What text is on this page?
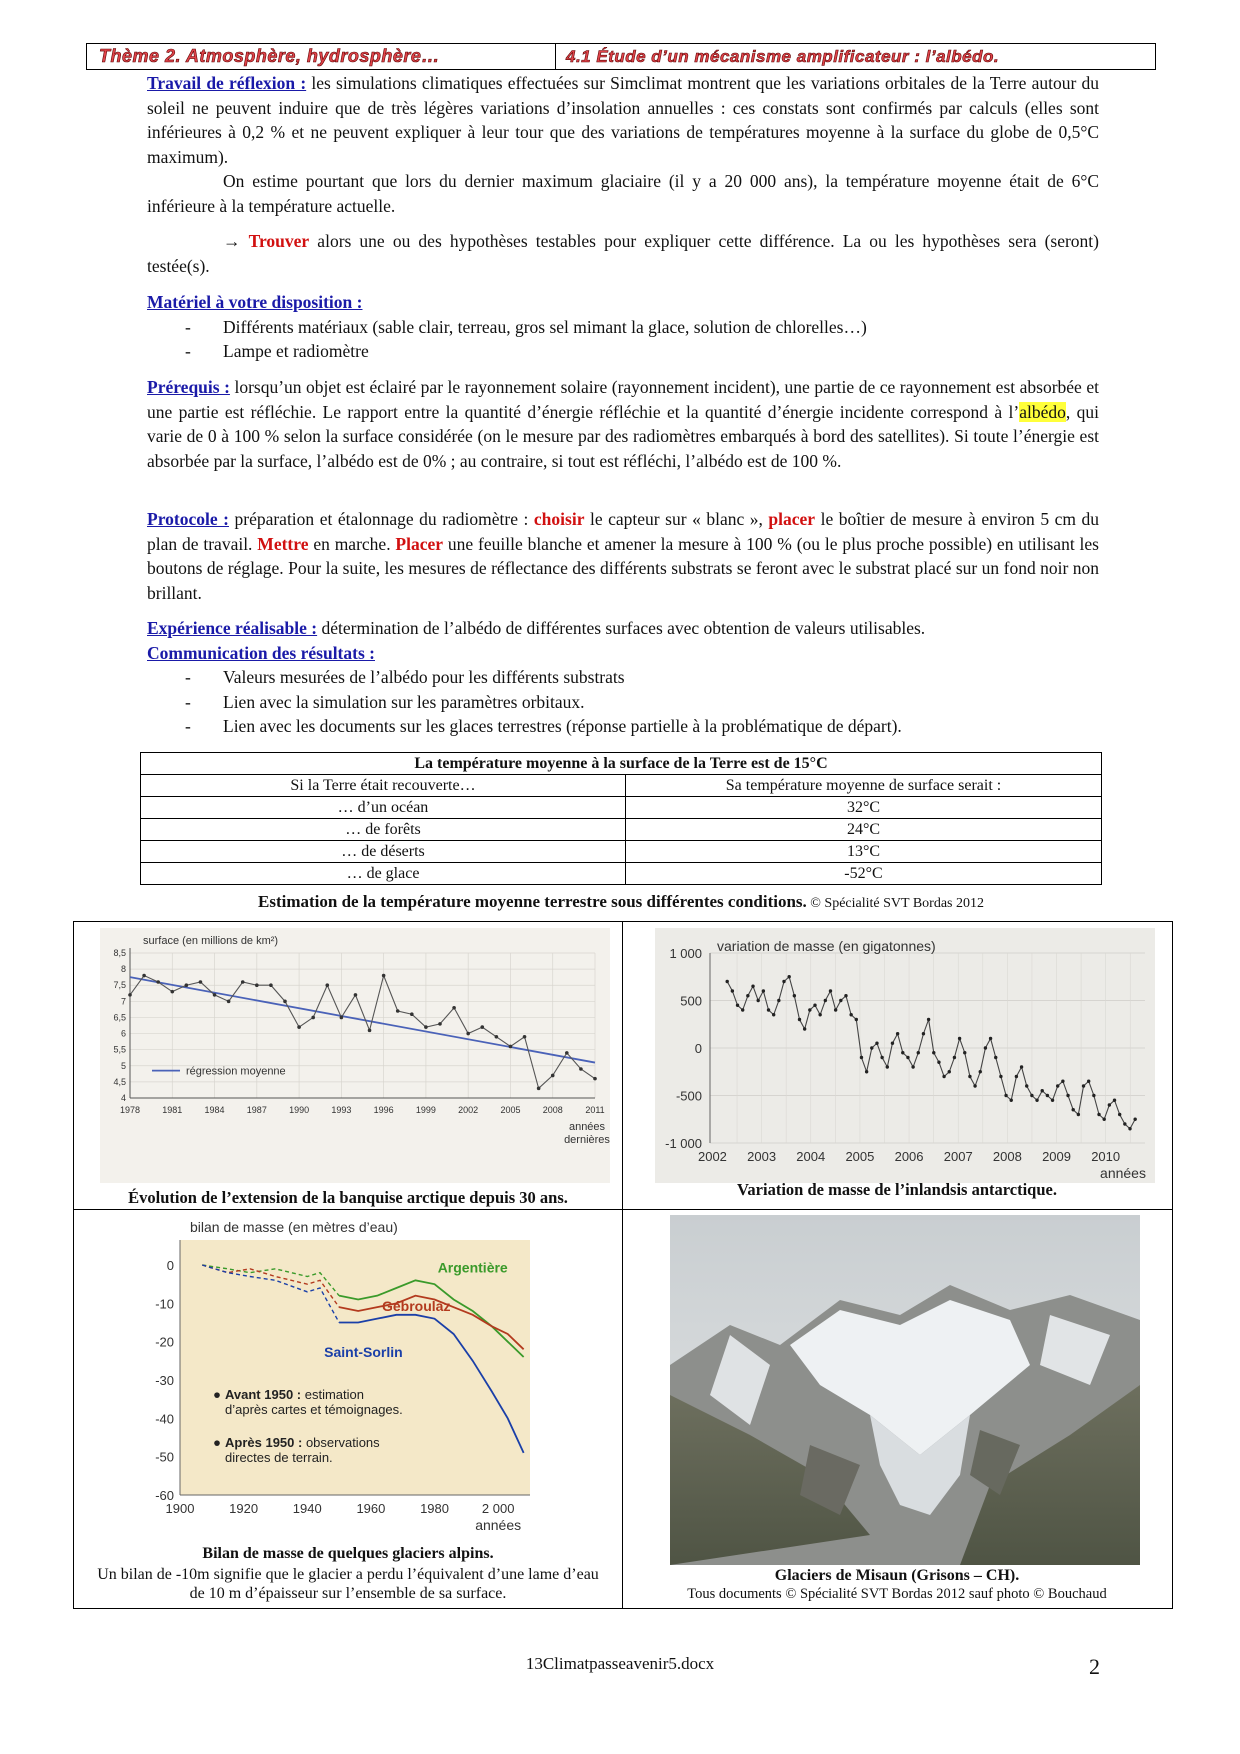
Thème 2. Atmosphère, hydrosphère…	4.1 Étude d’un mécanisme amplificateur : l’albédo.

Travail de réflexion : les simulations climatiques effectuées sur Simclimat montrent que les variations orbitales de la Terre autour du soleil ne peuvent induire que de très légères variations d’insolation annuelles : ces constats sont confirmés par calculs (elles sont inférieures à 0,2 % et ne peuvent expliquer à leur tour que des variations de températures moyenne à la surface du globe de 0,5°C maximum).

On estime pourtant que lors du dernier maximum glaciaire (il y a 20 000 ans), la température moyenne était de 6°C inférieure à la température actuelle.

→ Trouver alors une ou des hypothèses testables pour expliquer cette différence. La ou les hypothèses sera (seront) testée(s).

Matériel à votre disposition :

- Différents matériaux (sable clair, terreau, gros sel mimant la glace, solution de chlorelles…)
- Lampe et radiomètre

Prérequis : lorsqu’un objet est éclairé par le rayonnement solaire (rayonnement incident), une partie de ce rayonnement est absorbée et une partie est réfléchie. Le rapport entre la quantité d’énergie réfléchie et la quantité d’énergie incidente correspond à l’albédo, qui varie de 0 à 100 % selon la surface considérée (on le mesure par des radiomètres embarqués à bord des satellites). Si toute l’énergie est absorbée par la surface, l’albédo est de 0% ; au contraire, si tout est réfléchi, l’albédo est de 100 %.

Protocole : préparation et étalonnage du radiomètre : choisir le capteur sur « blanc », placer le boîtier de mesure à environ 5 cm du plan de travail. Mettre en marche. Placer une feuille blanche et amener la mesure à 100 % (ou le plus proche possible) en utilisant les boutons de réglage. Pour la suite, les mesures de réflectance des différents substrats se feront avec le substrat placé sur un fond noir non brillant.

Expérience réalisable : détermination de l’albédo de différentes surfaces avec obtention de valeurs utilisables.

Communication des résultats :

- Valeurs mesurées de l’albédo pour les différents substrats
- Lien avec la simulation sur les paramètres orbitaux.
- Lien avec les documents sur les glaces terrestres (réponse partielle à la problématique de départ).
La température moyenne à la surface de la Terre est de 15°C	
Si la Terre était recouverte…	Sa température moyenne de surface serait :
… d’un océan	32°C
… de forêts	24°C
… de déserts	13°C
… de glace	-52°C
Estimation de la température moyenne terrestre sous différentes conditions. © Spécialité SVT Bordas 2012
8,5
8
7,5
7
6,5
6
5,5
5
4,5
4
1978 1981 1984 1987 1990 1993 1996 1999 2002 2005 2008	2011
surface (en millions de km²)
années
dernières
régression moyenne
Évolution de l’extension de la banquise arctique depuis 30 ans.
1 000
500
0
-500
-1 000
2002 2003 2004 2005 2006 2007 2008 2009 2010
variation de masse (en gigatonnes)
années
Variation de masse de l’inlandsis antarctique.
0
-10
-20
-30
-40
-50
-60
1900	1920	1940	1960	1980	2 000
bilan de masse (en mètres d’eau)
années
Argentière
Gébroulaz
Saint-Sorlin
Avant 1950 : estimation
d’après cartes et témoignages.
Après 1950 : observations
directes de terrain.
Bilan de masse de quelques glaciers alpins.
Un bilan de -10m signifie que le glacier a perdu l’équivalent d’une lame d’eau de 10 m d’épaisseur sur l’ensemble de sa surface.
Glaciers de Misaun (Grisons – CH).
Tous documents © Spécialité SVT Bordas 2012 sauf photo © Bouchaud
13Climatpasseavenir5.docx	2
